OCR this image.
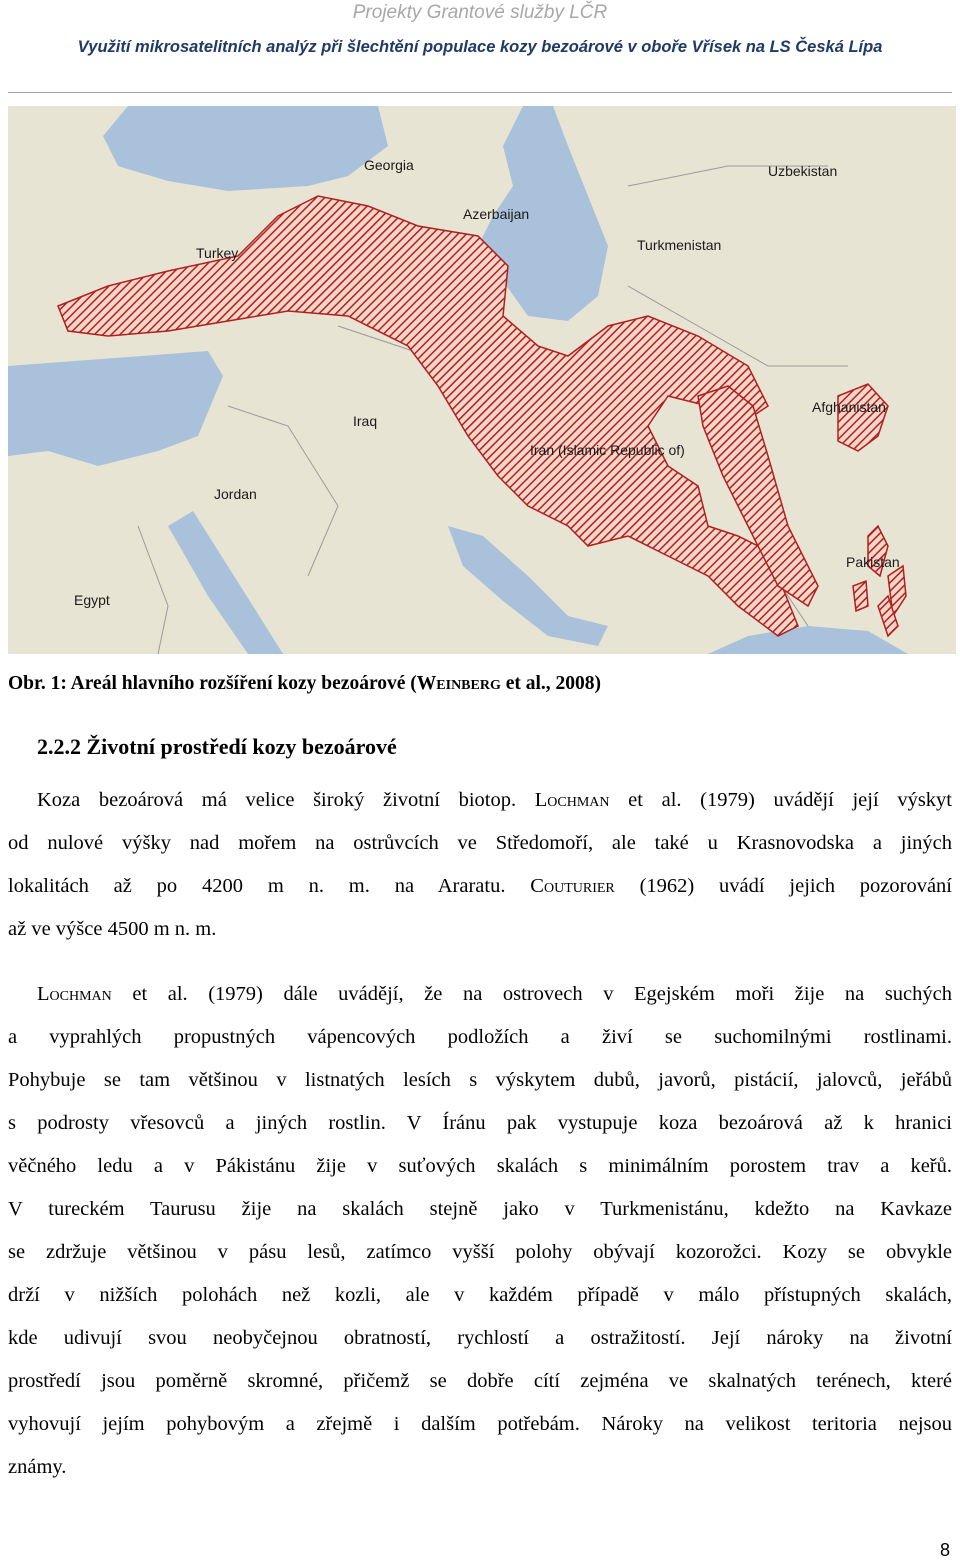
Projekty Grantové služby LČR
Využití mikrosatelitních analýz při šlechtění populace kozy bezoárové v oboře Vřísek na LS Česká Lípa
Georgia	Uzbekistan
Azerbaijan
Turkmenistan
Turkey
Iraq
Iran (Islamic Republic of)
Afghanistan
Jordan
Pakistan
Egypt
Obr. 1: Areál hlavního rozšíření kozy bezoárové (Weinberg et al., 2008)
2.2.2 Životní prostředí kozy bezoárové
Koza bezoárová má velice široký životní biotop. Lochman et al. (1979) uvádějí její výskyt
od nulové výšky nad mořem na ostrůvcích ve Středomoří, ale také u Krasnovodska a jiných
lokalitách až po 4200 m n. m. na Araratu. Couturier (1962) uvádí jejich pozorování
až ve výšce 4500 m n. m.
Lochman et al. (1979) dále uvádějí, že na ostrovech v Egejském moři žije na suchých
a vyprahlých propustných vápencových podložích a živí se suchomilnými rostlinami.
Pohybuje se tam většinou v listnatých lesích s výskytem dubů, javorů, pistácií, jalovců, jeřábů
s podrosty vřesovců a jiných rostlin. V Íránu pak vystupuje koza bezoárová až k hranici
věčného ledu a v Pákistánu žije v suťových skalách s minimálním porostem trav a keřů.
V tureckém Taurusu žije na skalách stejně jako v Turkmenistánu, kdežto na Kavkaze
se zdržuje většinou v pásu lesů, zatímco vyšší polohy obývají kozorožci. Kozy se obvykle
drží v nižších polohách než kozli, ale v každém případě v málo přístupných skalách,
kde udivují svou neobyčejnou obratností, rychlostí a ostražitostí. Její nároky na životní
prostředí jsou poměrně skromné, přičemž se dobře cítí zejména ve skalnatých terénech, které
vyhovují jejím pohybovým a zřejmě i dalším potřebám. Nároky na velikost teritoria nejsou
známy.
8
